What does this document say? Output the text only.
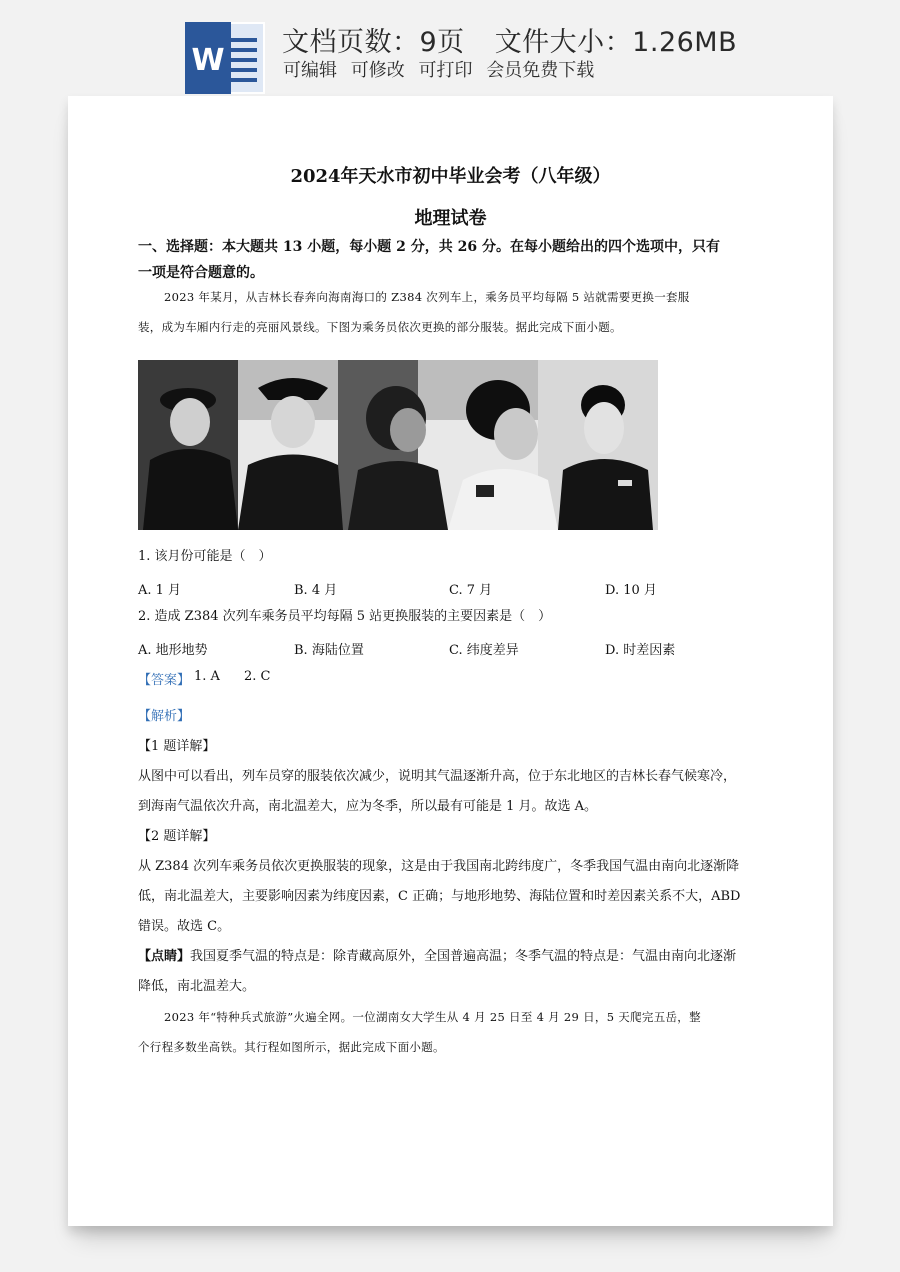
W
文档页数：9页 文件大小：1.26MB
可编辑 可修改 可打印 会员免费下载
2024年天水市初中毕业会考（八年级）
地理试卷
一、选择题：本大题共 13 小题，每小题 2 分，共 26 分。在每小题给出的四个选项中，只有
一项是符合题意的。
2023 年某月，从吉林长春奔向海南海口的 Z384 次列车上，乘务员平均每隔 5 站就需要更换一套服
装，成为车厢内行走的亮丽风景线。下图为乘务员依次更换的部分服装。据此完成下面小题。
1. 该月份可能是（　）
A. 1 月	B. 4 月	C. 7 月	D. 10 月
2. 造成 Z384 次列车乘务员平均每隔 5 站更换服装的主要因素是（　）
A. 地形地势	B. 海陆位置	C. 纬度差异	D. 时差因素
【答案】 1. A 2. C
【解析】
【1 题详解】
从图中可以看出，列车员穿的服装依次减少，说明其气温逐渐升高，位于东北地区的吉林长春气候寒冷，
到海南气温依次升高，南北温差大，应为冬季，所以最有可能是 1 月。故选 A。
【2 题详解】
从 Z384 次列车乘务员依次更换服装的现象，这是由于我国南北跨纬度广，冬季我国气温由南向北逐渐降
低，南北温差大，主要影响因素为纬度因素，C 正确；与地形地势、海陆位置和时差因素关系不大，ABD
错误。故选 C。
【点睛】我国夏季气温的特点是：除青藏高原外，全国普遍高温；冬季气温的特点是：气温由南向北逐渐
降低，南北温差大。
2023 年“特种兵式旅游”火遍全网。一位湖南女大学生从 4 月 25 日至 4 月 29 日，5 天爬完五岳，整
个行程多数坐高铁。其行程如图所示，据此完成下面小题。
